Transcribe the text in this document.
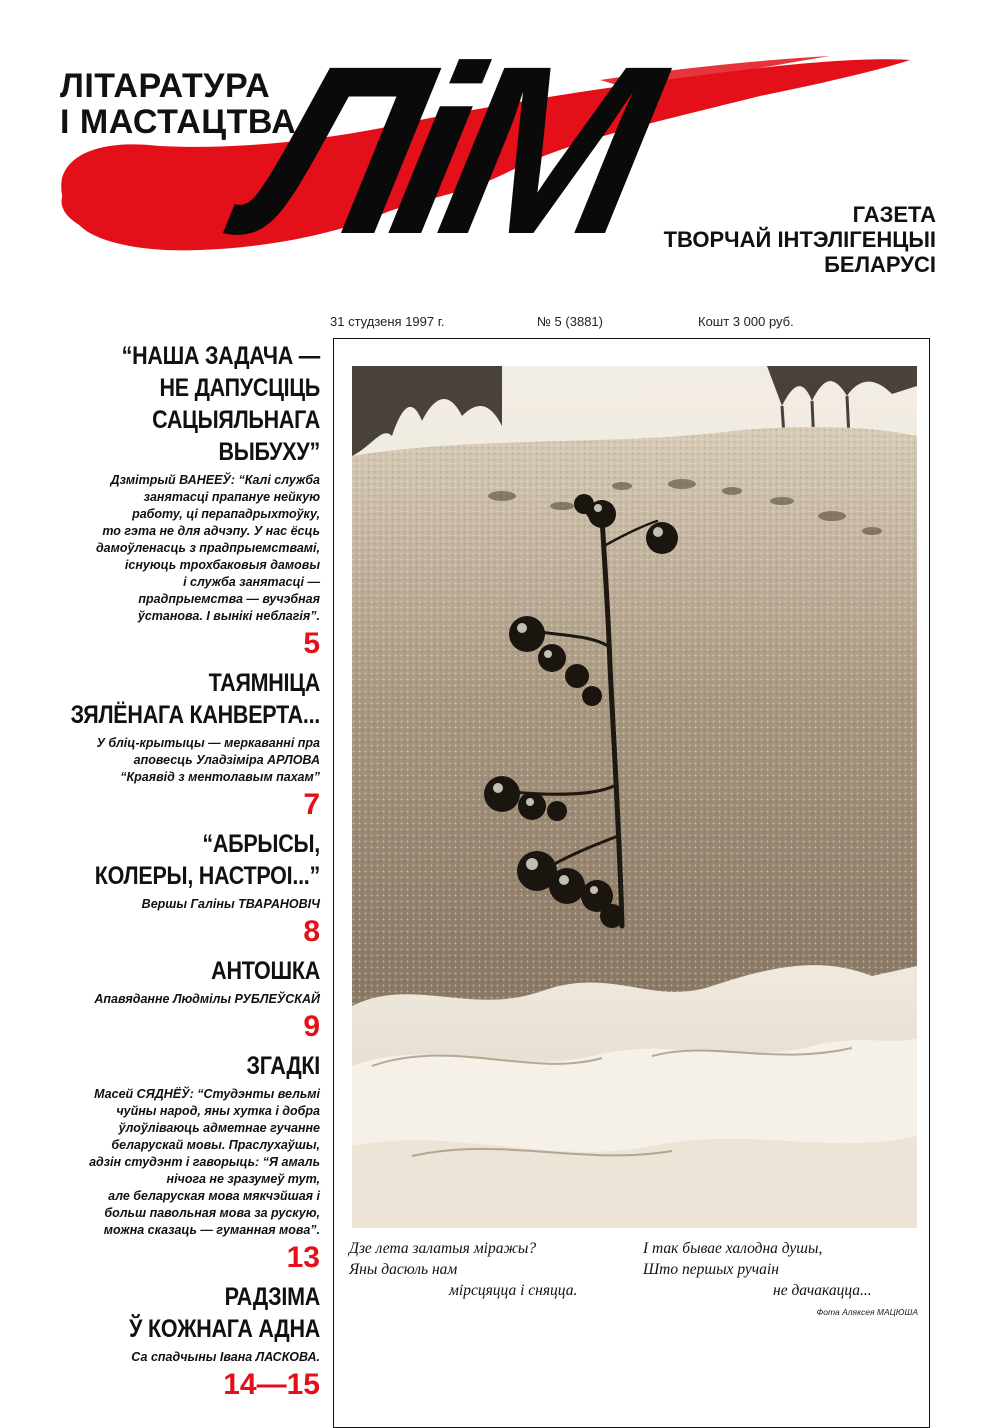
ЛІТАРАТУРА
І МАСТАЦТВА
ЛіМ	ГАЗЕТА
ТВОРЧАЙ ІНТЭЛІГЕНЦЫІ
БЕЛАРУСІ
31 студзеня 1997 г.	№ 5 (3881)	Кошт 3 000 руб.
“НАША ЗАДАЧА —
НЕ ДАПУСЦІЦЬ
САЦЫЯЛЬНАГА ВЫБУХУ”
Дзмітрый ВАНЕЕЎ: “Калі служба
занятасці прапануе нейкую
работу, ці перападрыхтоўку,
то гэта не для адчэпу. У нас ёсць
дамоўленасць з прадпрыемствамі,
існуюць трохбаковыя дамовы
і служба занятасці —
прадпрыемства — вучэбная
ўстанова. І вынікі неблагія”.
5
ТАЯМНІЦА
ЗЯЛЁНАГА КАНВЕРТА...
У бліц-крытыцы — меркаванні пра
аповесць Уладзіміра АРЛОВА
“Краявід з ментолавым пахам”
7
“АБРЫСЫ,
КОЛЕРЫ, НАСТРОІ...”
Вершы Галіны ТВАРАНОВІЧ
8
АНТОШКА
Апавяданне Людмілы РУБЛЕЎСКАЙ
9
ЗГАДКІ
Масей СЯДНЁЎ: “Студэнты вельмі
чуйны народ, яны хутка і добра
ўлоўліваюць адметнае гучанне
беларускай мовы. Праслухаўшы,
адзін студэнт і гаворыць: “Я амаль
нічога не зразумеў тут,
але беларуская мова мякчэйшая і
больш павольная мова за рускую,
можна сказаць — гуманная мова”.
13
РАДЗІМА
Ў КОЖНАГА АДНА
Са спадчыны Івана ЛАСКОВА.
14—15
Дзе лета залатыя міражы?
Яны дасюль нам
мірсцяцца і сняцца.
І так бывае халодна душы,
Што першых ручаін
не дачакацца...
Фота Аляксея МАЦЮША
